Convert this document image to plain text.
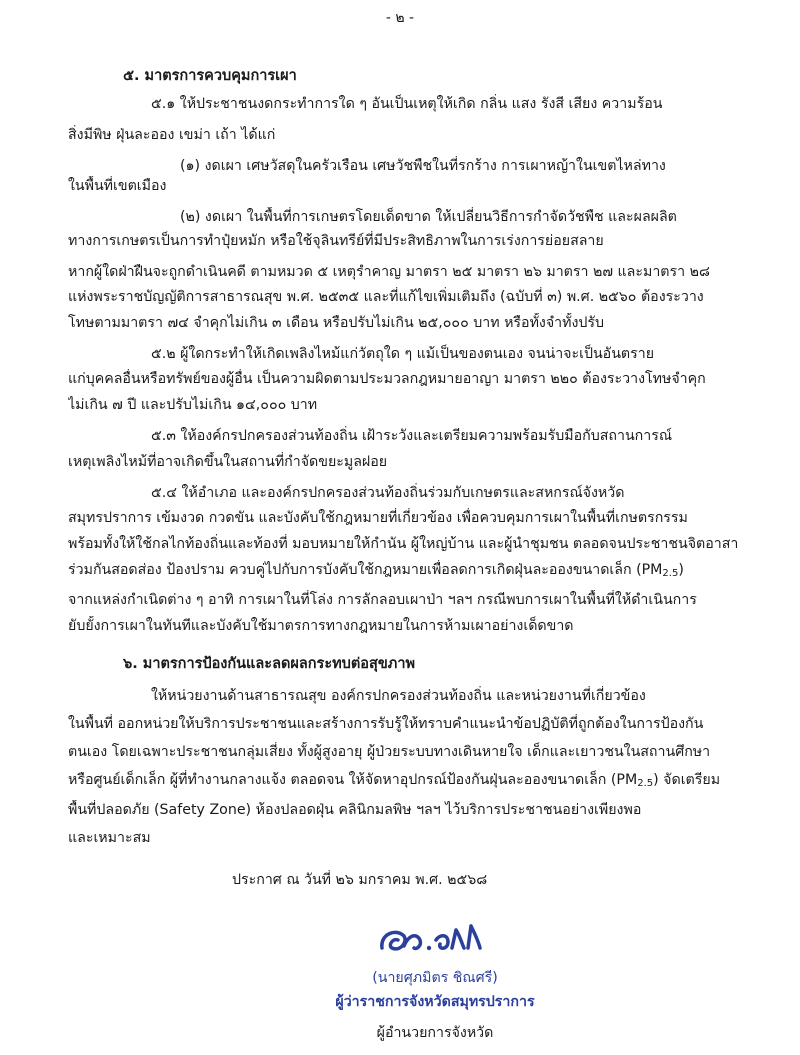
- ๒ -
๕. มาตรการควบคุมการเผา
๕.๑ ให้ประชาชนงดกระทำการใด ๆ อันเป็นเหตุให้เกิด กลิ่น แสง รังสี เสียง ความร้อน
สิ่งมีพิษ ฝุ่นละออง เขม่า เถ้า ได้แก่
(๑) งดเผา เศษวัสดุในครัวเรือน เศษวัชพืชในที่รกร้าง การเผาหญ้าในเขตไหล่ทาง
ในพื้นที่เขตเมือง
(๒) งดเผา ในพื้นที่การเกษตรโดยเด็ดขาด ให้เปลี่ยนวิธีการกำจัดวัชพืช และผลผลิต
ทางการเกษตรเป็นการทำปุ๋ยหมัก หรือใช้จุลินทรีย์ที่มีประสิทธิภาพในการเร่งการย่อยสลาย
หากผู้ใดฝ่าฝืนจะถูกดำเนินคดี ตามหมวด ๕ เหตุรำคาญ มาตรา ๒๕ มาตรา ๒๖ มาตรา ๒๗ และมาตรา ๒๘
แห่งพระราชบัญญัติการสาธารณสุข พ.ศ. ๒๕๓๕ และที่แก้ไขเพิ่มเติมถึง (ฉบับที่ ๓) พ.ศ. ๒๕๖๐ ต้องระวาง
โทษตามมาตรา ๗๔ จำคุกไม่เกิน ๓ เดือน หรือปรับไม่เกิน ๒๕,๐๐๐ บาท หรือทั้งจำทั้งปรับ
๕.๒ ผู้ใดกระทำให้เกิดเพลิงไหม้แก่วัตถุใด ๆ แม้เป็นของตนเอง จนน่าจะเป็นอันตราย
แก่บุคคลอื่นหรือทรัพย์ของผู้อื่น เป็นความผิดตามประมวลกฎหมายอาญา มาตรา ๒๒๐ ต้องระวางโทษจำคุก
ไม่เกิน ๗ ปี และปรับไม่เกิน ๑๔,๐๐๐ บาท
๕.๓ ให้องค์กรปกครองส่วนท้องถิ่น เฝ้าระวังและเตรียมความพร้อมรับมือกับสถานการณ์
เหตุเพลิงไหม้ที่อาจเกิดขึ้นในสถานที่กำจัดขยะมูลฝอย
๕.๔ ให้อำเภอ และองค์กรปกครองส่วนท้องถิ่นร่วมกับเกษตรและสหกรณ์จังหวัด
สมุทรปราการ เข้มงวด กวดขัน และบังคับใช้กฎหมายที่เกี่ยวข้อง เพื่อควบคุมการเผาในพื้นที่เกษตรกรรม
พร้อมทั้งให้ใช้กลไกท้องถิ่นและท้องที่ มอบหมายให้กำนัน ผู้ใหญ่บ้าน และผู้นำชุมชน ตลอดจนประชาชนจิตอาสา
ร่วมกันสอดส่อง ป้องปราม ควบคู่ไปกับการบังคับใช้กฎหมายเพื่อลดการเกิดฝุ่นละอองขนาดเล็ก $(PM_{2.5})$
จากแหล่งกำเนิดต่าง ๆ อาทิ การเผาในที่โล่ง การลักลอบเผาป่า ฯลฯ กรณีพบการเผาในพื้นที่ให้ดำเนินการ
ยับยั้งการเผาในทันทีและบังคับใช้มาตรการทางกฎหมายในการห้ามเผาอย่างเด็ดขาด
๖. มาตรการป้องกันและลดผลกระทบต่อสุขภาพ
ให้หน่วยงานด้านสาธารณสุข องค์กรปกครองส่วนท้องถิ่น และหน่วยงานที่เกี่ยวข้อง
ในพื้นที่ ออกหน่วยให้บริการประชาชนและสร้างการรับรู้ให้ทราบคำแนะนำข้อปฏิบัติที่ถูกต้องในการป้องกัน
ตนเอง โดยเฉพาะประชาชนกลุ่มเสี่ยง ทั้งผู้สูงอายุ ผู้ป่วยระบบทางเดินหายใจ เด็กและเยาวชนในสถานศึกษา
หรือศูนย์เด็กเล็ก ผู้ที่ทำงานกลางแจ้ง ตลอดจน ให้จัดหาอุปกรณ์ป้องกันฝุ่นละอองขนาดเล็ก $(PM_{2.5})$ จัดเตรียม
พื้นที่ปลอดภัย (Safety Zone) ห้องปลอดฝุ่น คลินิกมลพิษ ฯลฯ ไว้บริการประชาชนอย่างเพียงพอ
และเหมาะสม
ประกาศ ณ วันที่ ๒๖ มกราคม พ.ศ. ๒๕๖๘
(นายศุภมิตร ชิณศรี)
ผู้ว่าราชการจังหวัดสมุทรปราการ
ผู้อำนวยการจังหวัด
